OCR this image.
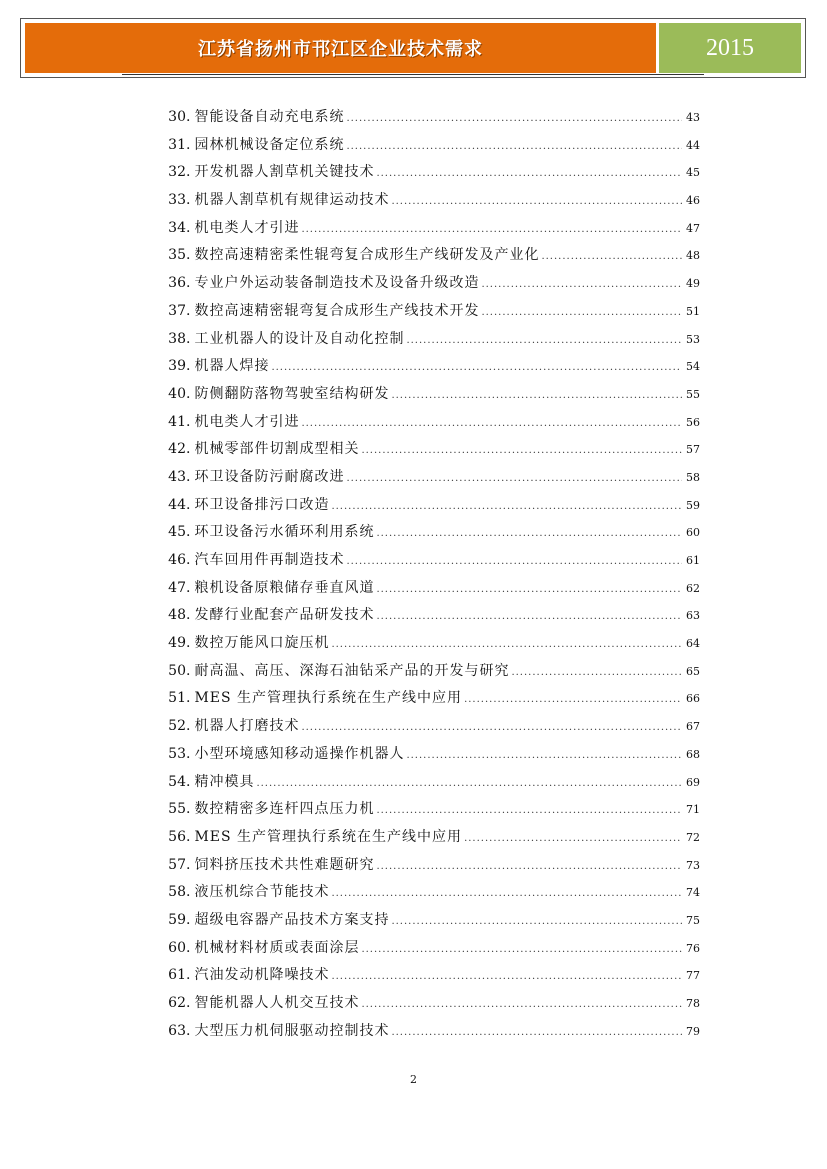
江苏省扬州市邗江区企业技术需求	2015
30 . 智能设备自动充电系统 .....	43
31 . 园林机械设备定位系统 .....	44
32 . 开发机器人割草机关键技术 .....	45
33 . 机器人割草机有规律运动技术 .....	46
34 . 机电类人才引进 .....	47
35 . 数控高速精密柔性辊弯复合成形生产线研发及产业化 .....	48
36 . 专业户外运动装备制造技术及设备升级改造 .....	49
37 . 数控高速精密辊弯复合成形生产线技术开发 .....	51
38 . 工业机器人的设计及自动化控制 .....	53
39 . 机器人焊接 .....	54
40 . 防侧翻防落物驾驶室结构研发 .....	55
41 . 机电类人才引进 .....	56
42 . 机械零部件切割成型相关 .....	57
43 . 环卫设备防污耐腐改进 .....	58
44 . 环卫设备排污口改造 .....	59
45 . 环卫设备污水循环利用系统 .....	60
46 . 汽车回用件再制造技术 .....	61
47 . 粮机设备原粮储存垂直风道 .....	62
48 . 发酵行业配套产品研发技术 .....	63
49 . 数控万能风口旋压机 .....	64
50 . 耐高温、高压、深海石油钻采产品的开发与研究 .....	65
51 . MES 生产管理执行系统在生产线中应用 .....	66
52 . 机器人打磨技术 .....	67
53 . 小型环境感知移动遥操作机器人 .....	68
54 . 精冲模具 .....	69
55 . 数控精密多连杆四点压力机 .....	71
56 . MES 生产管理执行系统在生产线中应用 .....	72
57 . 饲料挤压技术共性难题研究 .....	73
58 . 液压机综合节能技术 .....	74
59 . 超级电容器产品技术方案支持 .....	75
60 . 机械材料材质或表面涂层 .....	76
61 . 汽油发动机降噪技术 .....	77
62 . 智能机器人人机交互技术 .....	78
63 . 大型压力机伺服驱动控制技术 .....	79
2
